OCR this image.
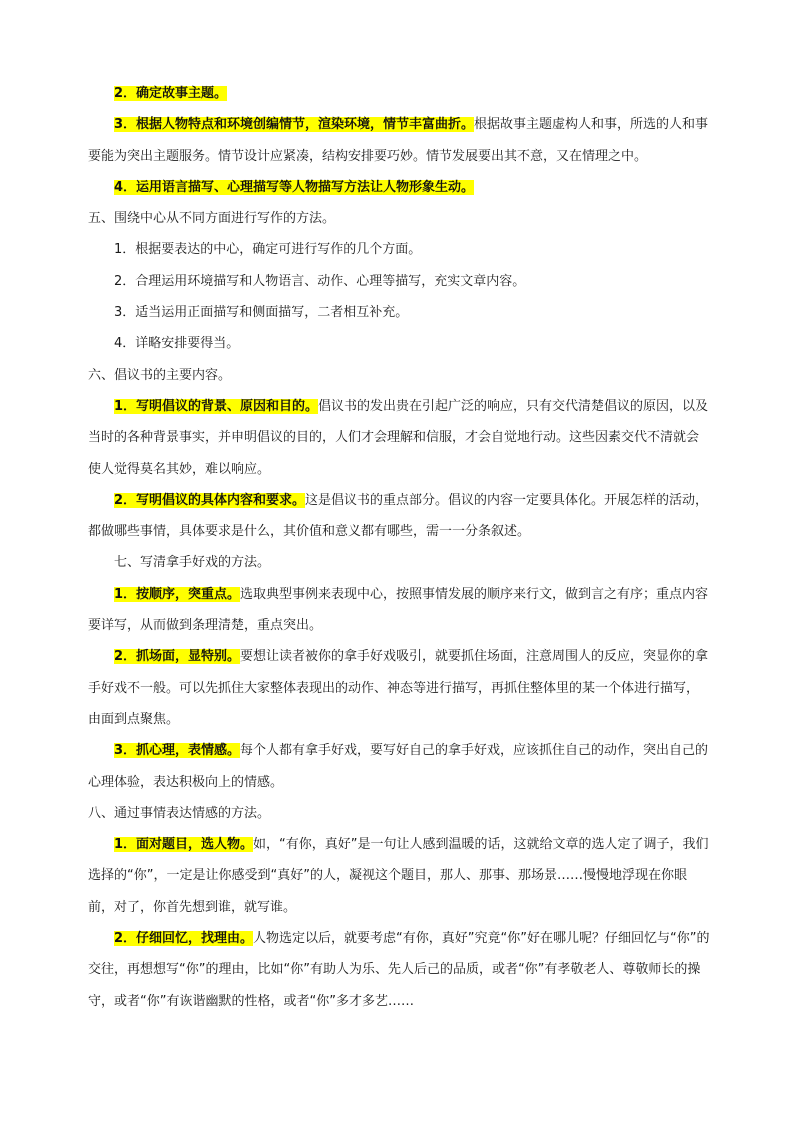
2．确定故事主题。

3．根据人物特点和环境创编情节，渲染环境，情节丰富曲折。根据故事主题虚构人和事，所选的人和事要能为突出主题服务。情节设计应紧凑，结构安排要巧妙。情节发展要出其不意，又在情理之中。

4．运用语言描写、心理描写等人物描写方法让人物形象生动。

五、围绕中心从不同方面进行写作的方法。

1．根据要表达的中心，确定可进行写作的几个方面。

2．合理运用环境描写和人物语言、动作、心理等描写，充实文章内容。

3．适当运用正面描写和侧面描写，二者相互补充。

4．详略安排要得当。

六、倡议书的主要内容。

1．写明倡议的背景、原因和目的。倡议书的发出贵在引起广泛的响应，只有交代清楚倡议的原因，以及当时的各种背景事实，并申明倡议的目的，人们才会理解和信服，才会自觉地行动。这些因素交代不清就会使人觉得莫名其妙，难以响应。

2．写明倡议的具体内容和要求。这是倡议书的重点部分。倡议的内容一定要具体化。开展怎样的活动，都做哪些事情，具体要求是什么，其价值和意义都有哪些，需一一分条叙述。

七、写清拿手好戏的方法。

1．按顺序，突重点。选取典型事例来表现中心，按照事情发展的顺序来行文，做到言之有序；重点内容要详写，从而做到条理清楚，重点突出。

2．抓场面，显特别。要想让读者被你的拿手好戏吸引，就要抓住场面，注意周围人的反应，突显你的拿手好戏不一般。可以先抓住大家整体表现出的动作、神态等进行描写，再抓住整体里的某一个体进行描写，由面到点聚焦。

3．抓心理，表情感。每个人都有拿手好戏，要写好自己的拿手好戏，应该抓住自己的动作，突出自己的心理体验，表达积极向上的情感。

八、通过事情表达情感的方法。

1．面对题目，选人物。如，“有你，真好”是一句让人感到温暖的话，这就给文章的选人定了调子，我们选择的“你”，一定是让你感受到“真好”的人，凝视这个题目，那人、那事、那场景……慢慢地浮现在你眼前，对了，你首先想到谁，就写谁。

2．仔细回忆，找理由。人物选定以后，就要考虑“有你，真好”究竟“你”好在哪儿呢？仔细回忆与“你”的交往，再想想写“你”的理由，比如“你”有助人为乐、先人后己的品质，或者“你”有孝敬老人、尊敬师长的操守，或者“你”有诙谐幽默的性格，或者“你”多才多艺……
